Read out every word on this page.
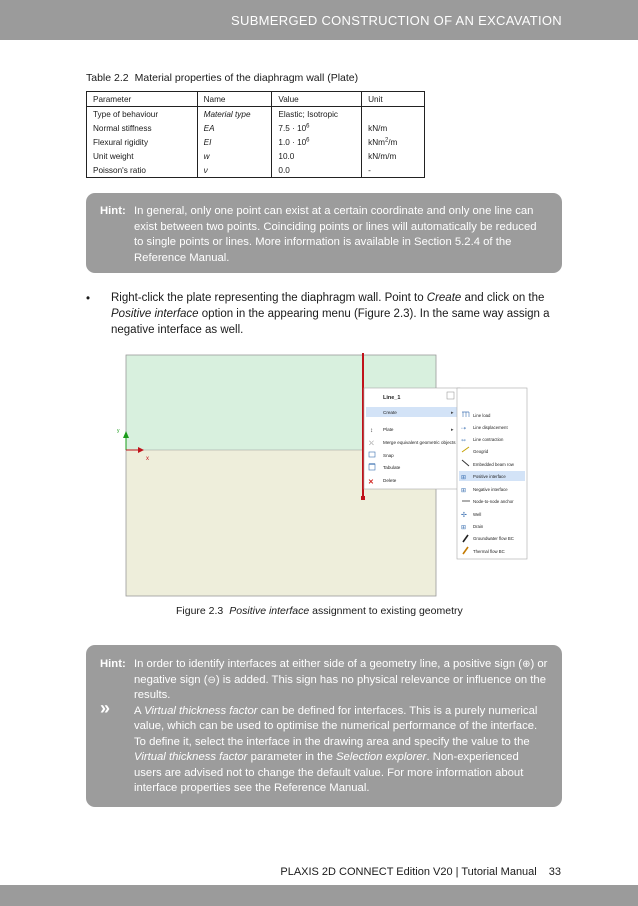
SUBMERGED CONSTRUCTION OF AN EXCAVATION
Table 2.2 Material properties of the diaphragm wall (Plate)
Parameter	Name	Value	Unit
Type of behaviour	Material type	Elastic; Isotropic	
Normal stiffness	EA	$7.5 \cdot 10^6$	kN/m
Flexural rigidity	EI	$1.0 \cdot 10^6$	kNm$^2$/m
Unit weight	w	10.0	kN/m/m
Poisson's ratio	ν	0.0	-
Hint: In general, only one point can exist at a certain coordinate and only one line can exist between two points. Coinciding points or lines will automatically be reduced to single points or lines. More information is available in Section 5.2.4 of the Reference Manual.
• Right-click the plate representing the diaphragm wall. Point to Create and click on the Positive interface option in the appearing menu (Figure 2.3). In the same way assign a negative interface as well.

y
x
Line_1
Create
Plate
Merge equivalent geometric objects
Snap
Tabulate
Delete
▸
▸
↕
⤬
✕
Line load
Line displacement
Line contraction
Geogrid
Embedded beam row
Positive interface
Negative interface
Node-to-node anchor
Well
Drain
Groundwater flow BC
Thermal flow BC
⇢
⇿
⊞
⊞
✢
⊞
Figure 2.3 Positive interface assignment to existing geometry
Hint:
»

In order to identify interfaces at either side of a geometry line, a positive sign (⊕) or negative sign (⊖) is added. This sign has no physical relevance or influence on the results.

A Virtual thickness factor can be defined for interfaces. This is a purely numerical value, which can be used to optimise the numerical performance of the interface. To define it, select the interface in the drawing area and specify the value to the Virtual thickness factor parameter in the Selection explorer. Non-experienced users are advised not to change the default value. For more information about interface properties see the Reference Manual.

PLAXIS 2D CONNECT Edition V20 | Tutorial Manual 33
